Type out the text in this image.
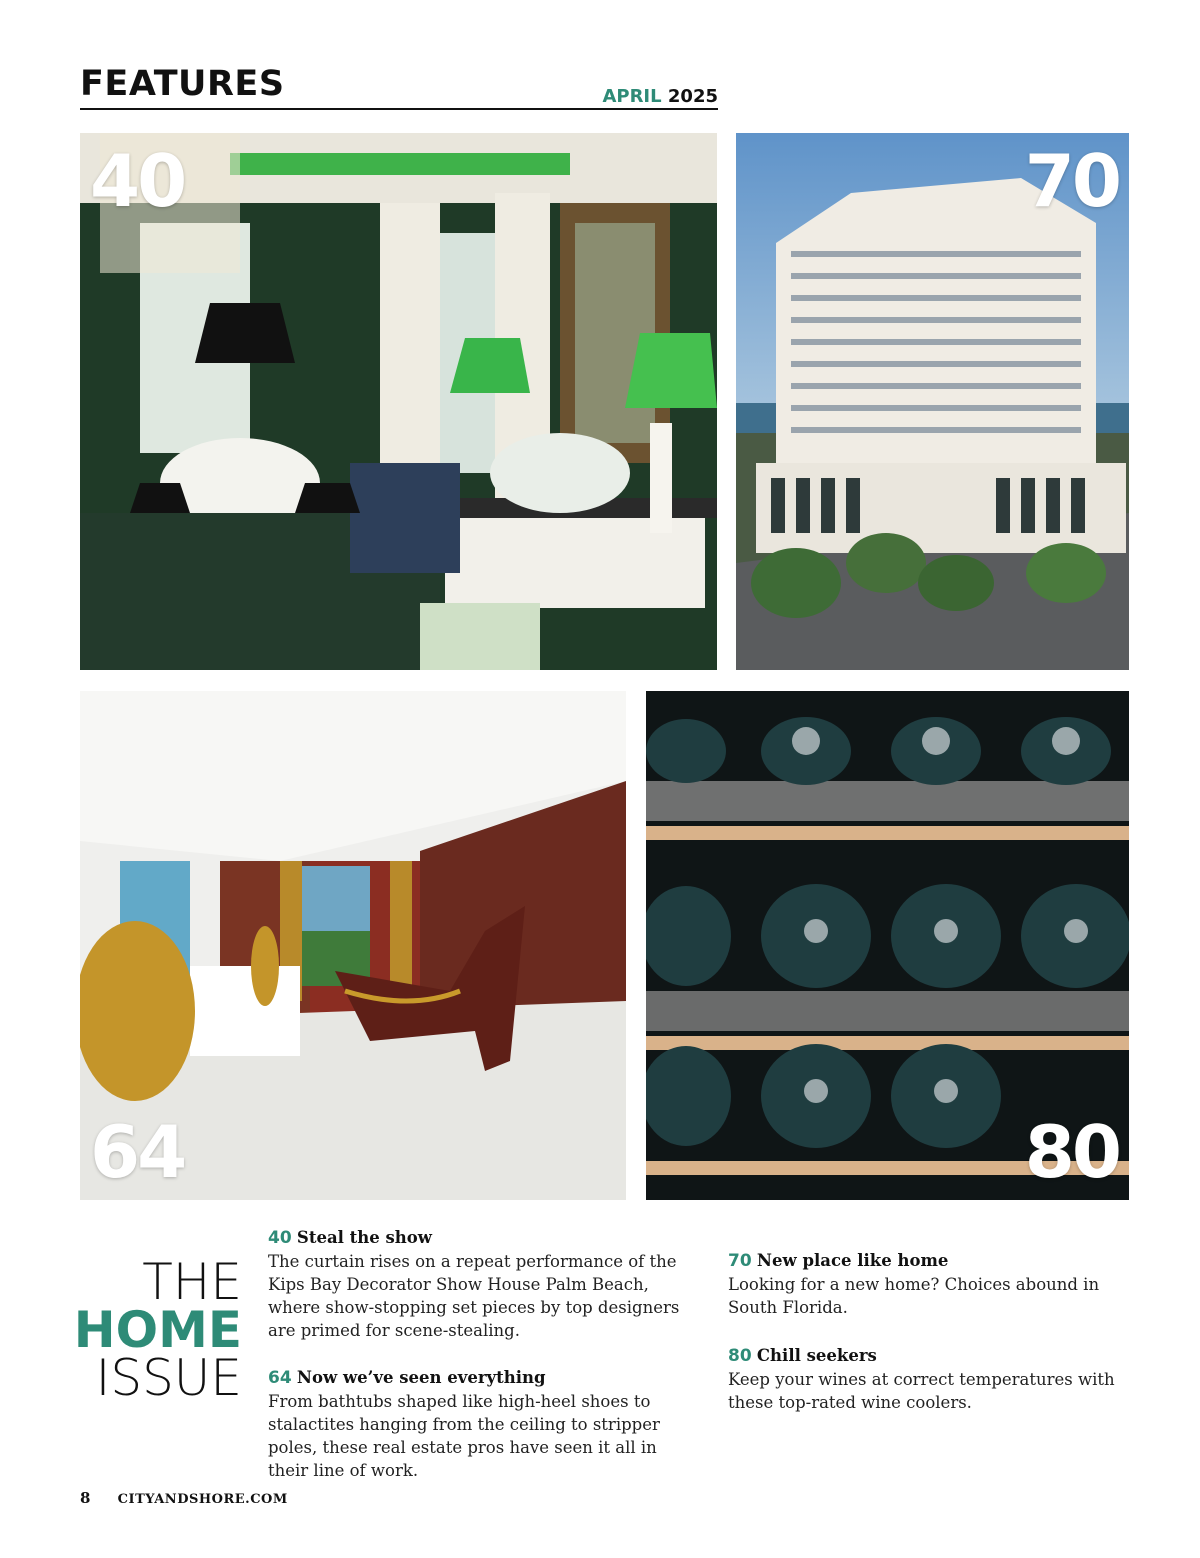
FEATURES	APRIL 2025
40	70
64	80
THE
HOME
ISSUE
40 Steal the show
The curtain rises on a repeat performance of the Kips Bay Decorator Show House Palm Beach, where show-stopping set pieces by top designers are primed for scene-stealing.
64 Now we’ve seen everything
From bathtubs shaped like high-heel shoes to stalactites hanging from the ceiling to stripper poles, these real estate pros have seen it all in their line of work.
70 New place like home
Looking for a new home? Choices abound in South Florida.
80 Chill seekers
Keep your wines at correct temperatures with these top-rated wine coolers.
8 CITYANDSHORE.COM
